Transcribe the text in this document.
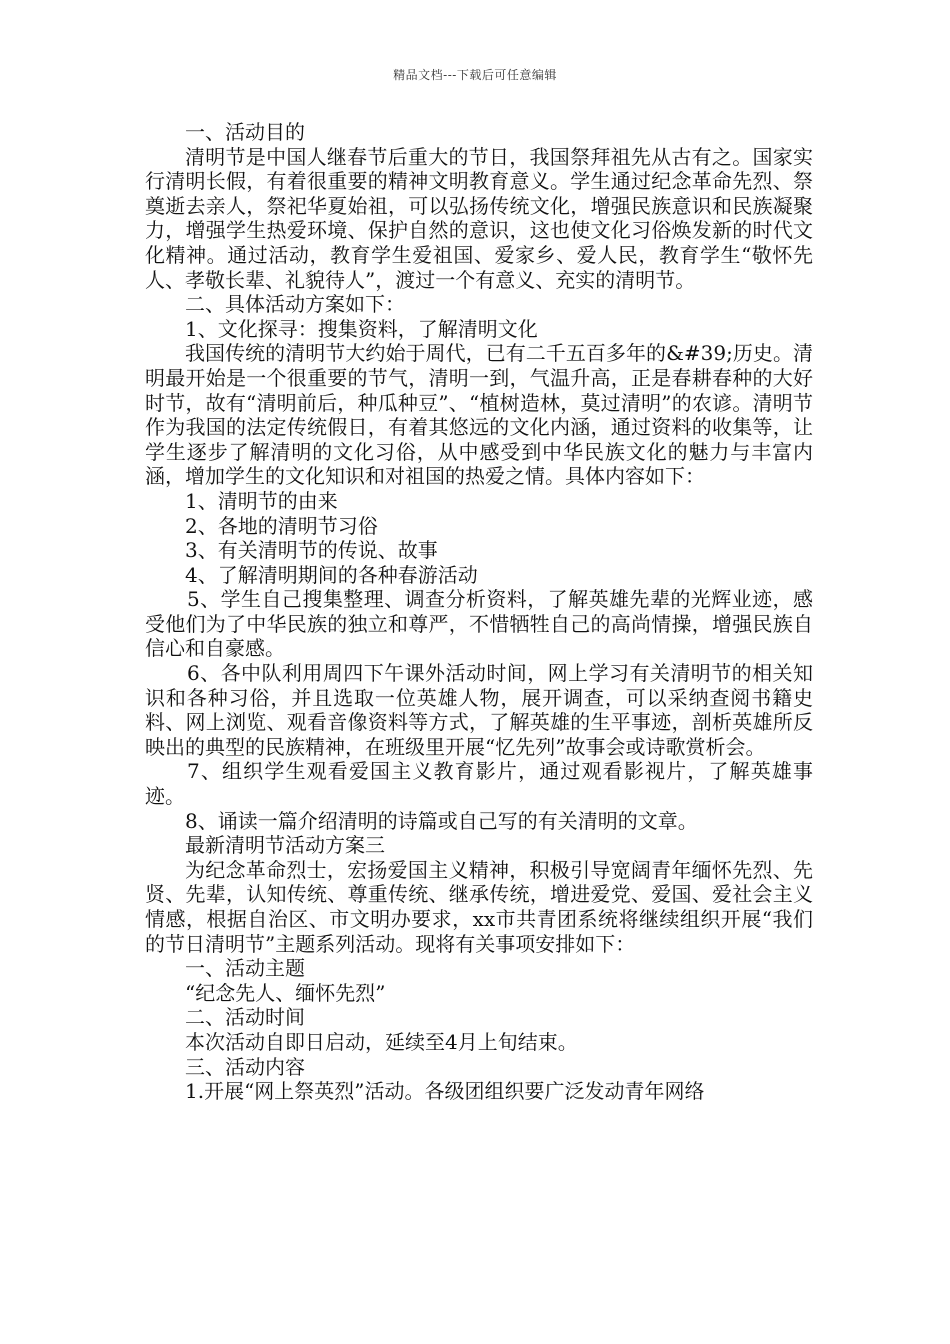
精品文档---下载后可任意编辑

一、活动目的

清明节是中国人继春节后重大的节日，我国祭拜祖先从古有之。国家实行清明长假，有着很重要的精神文明教育意义。学生通过纪念革命先烈、祭奠逝去亲人，祭祀华夏始祖，可以弘扬传统文化，增强民族意识和民族凝聚力，增强学生热爱环境、保护自然的意识，这也使文化习俗焕发新的时代文化精神。通过活动，教育学生爱祖国、爱家乡、爱人民，教育学生“敬怀先人、孝敬长辈、礼貌待人”，渡过一个有意义、充实的清明节。

二、具体活动方案如下：

1、文化探寻：搜集资料，了解清明文化

我国传统的清明节大约始于周代，已有二千五百多年的&#39;历史。清明最开始是一个很重要的节气，清明一到，气温升高，正是春耕春种的大好时节，故有“清明前后，种瓜种豆”、“植树造林，莫过清明”的农谚。清明节作为我国的法定传统假日，有着其悠远的文化内涵，通过资料的收集等，让学生逐步了解清明的文化习俗，从中感受到中华民族文化的魅力与丰富内涵，增加学生的文化知识和对祖国的热爱之情。具体内容如下：

1、清明节的由来

2、各地的清明节习俗

3、有关清明节的传说、故事

4、了解清明期间的各种春游活动

5、学生自己搜集整理、调查分析资料，了解英雄先辈的光辉业迹，感受他们为了中华民族的独立和尊严，不惜牺牲自己的高尚情操，增强民族自信心和自豪感。

6、各中队利用周四下午课外活动时间，网上学习有关清明节的相关知识和各种习俗，并且选取一位英雄人物，展开调查，可以采纳查阅书籍史料、网上浏览、观看音像资料等方式，了解英雄的生平事迹，剖析英雄所反映出的典型的民族精神，在班级里开展“忆先列”故事会或诗歌赏析会。

7、组织学生观看爱国主义教育影片，通过观看影视片，了解英雄事迹。

8、诵读一篇介绍清明的诗篇或自己写的有关清明的文章。

最新清明节活动方案三

为纪念革命烈士，宏扬爱国主义精神，积极引导宽阔青年缅怀先烈、先贤、先辈，认知传统、尊重传统、继承传统，增进爱党、爱国、爱社会主义情感，根据自治区、市文明办要求，xx市共青团系统将继续组织开展“我们的节日清明节”主题系列活动。现将有关事项安排如下：

一、活动主题

“纪念先人、缅怀先烈”

二、活动时间

本次活动自即日启动，延续至4月上旬结束。

三、活动内容

1.开展“网上祭英烈”活动。各级团组织要广泛发动青年网络
